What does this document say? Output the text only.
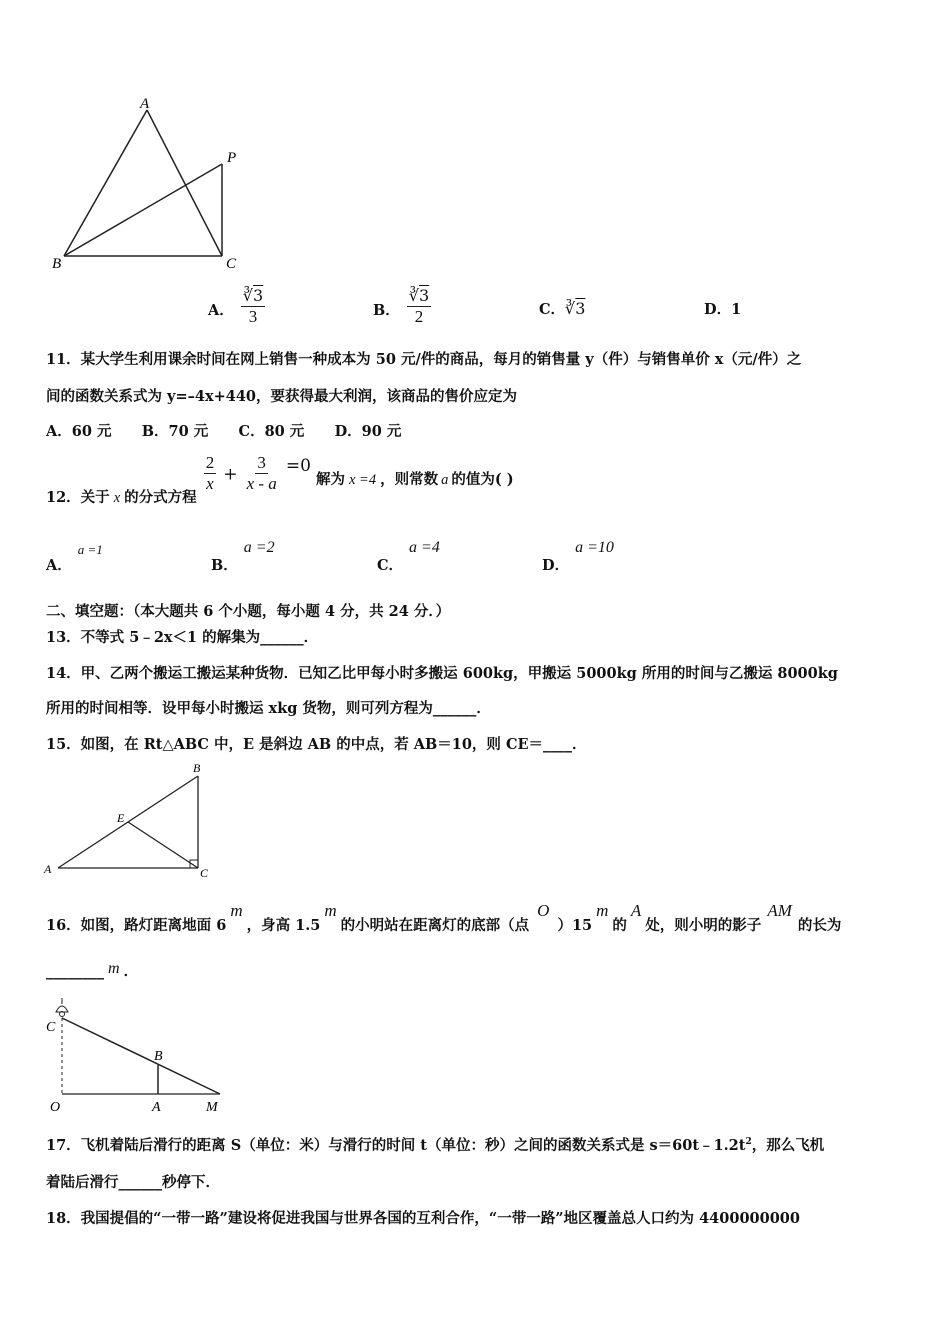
A
P
B	C
A． $\frac{∛3}{3}$	B． $\frac{∛3}{2}$	C．∛3	D．1
11．某大学生利用课余时间在网上销售一种成本为 50 元/件的商品，每月的销售量 y（件）与销售单价 x（元/件）之
间的函数关系式为 y=–4x+440，要获得最大利润，该商品的售价应定为
A．60 元      B．70 元      C．80 元      D．90 元
12．关于 x 的分式方程
$\frac{2}{x} + \frac{3}{x - a} =0$ 解为 x =4 ，则常数 a 的值为( )
A．a =1
B．a =2
C．a =4
D．a =10
二、填空题：（本大题共 6 个小题，每小题 4 分，共 24 分．）
13．不等式 5﹣2x＜1 的解集为______．
14．甲、乙两个搬运工搬运某种货物．已知乙比甲每小时多搬运 600kg，甲搬运 5000kg 所用的时间与乙搬运 8000kg
所用的时间相等．设甲每小时搬运 xkg 货物，则可列方程为______．
15．如图，在 Rt△ABC 中，E 是斜边 AB 的中点，若 AB＝10，则 CE＝____．
B
E
A	C
16．如图，路灯距离地面 6m，身高 1.5m的小明站在距离灯的底部（点O）15m的A处，则小明的影子AM的长为
________ m ．
C
B
O	A	M
17．飞机着陆后滑行的距离 S（单位：米）与滑行的时间 t（单位：秒）之间的函数关系式是 $s=60t﹣1.2t^2$，那么飞机
着陆后滑行______秒停下．
18．我国提倡的“一带一路”建设将促进我国与世界各国的互利合作，“一带一路”地区覆盖总人口约为 4400000000
